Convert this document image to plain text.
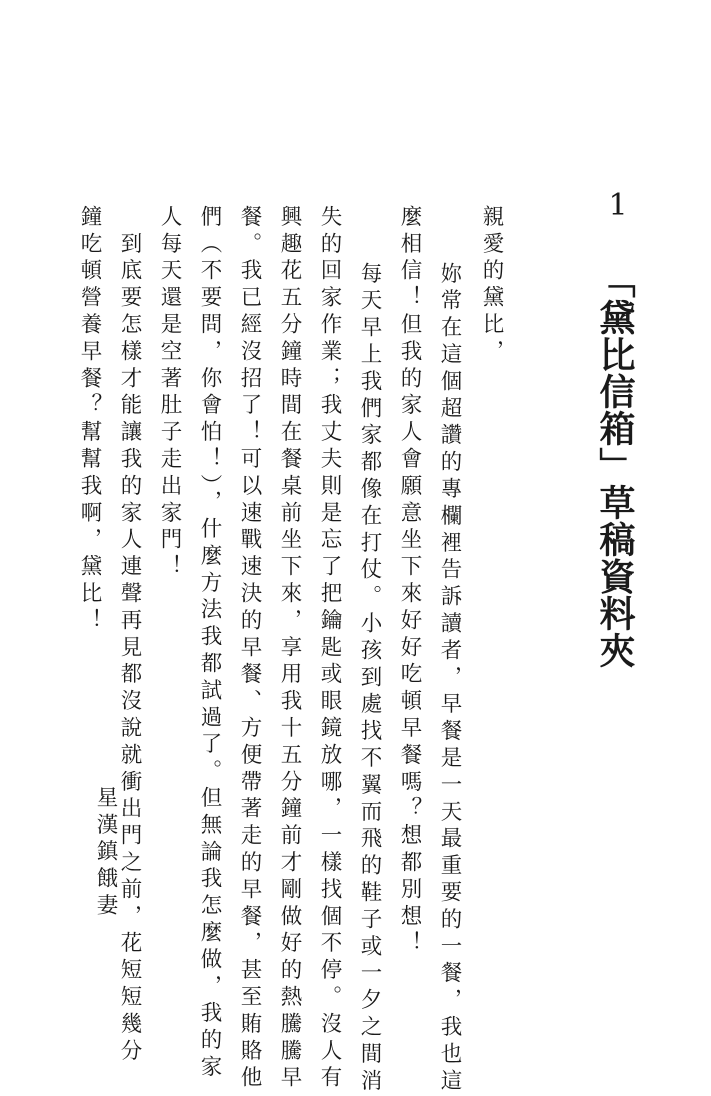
1
「黛比信箱」草稿資料夾
親愛的黛比，
　妳常在這個超讚的專欄裡告訴讀者，早餐是一天最重要的一餐，我也這
麼相信！但我的家人會願意坐下來好好吃頓早餐嗎？想都別想！
　每天早上我們家都像在打仗。小孩到處找不翼而飛的鞋子或一夕之間消
失的回家作業；我丈夫則是忘了把鑰匙或眼鏡放哪，一樣找個不停。沒人有
興趣花五分鐘時間在餐桌前坐下來，享用我十五分鐘前才剛做好的熱騰騰早
餐。我已經沒招了！可以速戰速決的早餐、方便帶著走的早餐，甚至賄賂他
們（不要問，你會怕！），什麼方法我都試過了。但無論我怎麼做，我的家
人每天還是空著肚子走出家門！
　到底要怎樣才能讓我的家人連聲再見都沒說就衝出門之前，花短短幾分
鐘吃頓營養早餐？幫幫我啊，黛比！
星漢鎮餓妻
